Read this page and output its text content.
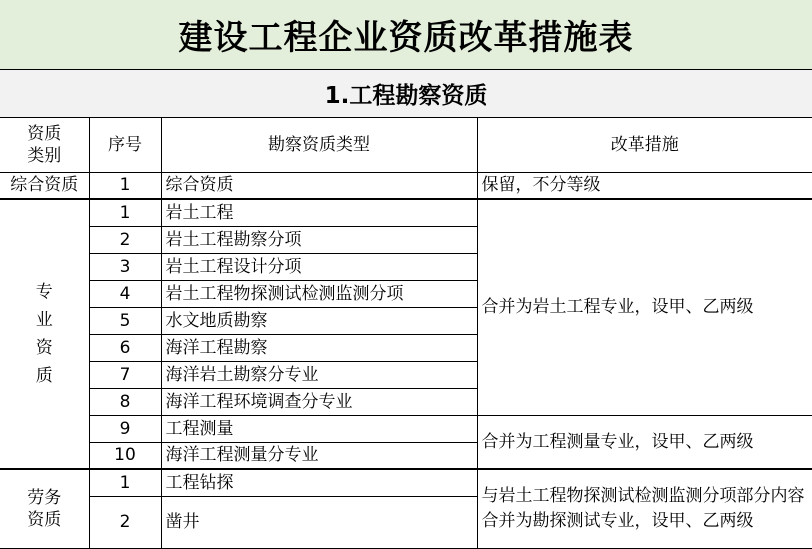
建设工程企业资质改革措施表
1.工程勘察资质
资质
类别	序号	勘察资质类型	改革措施
综合资质	1	综合资质	保留，不分等级
专业资质	1	岩土工程	合并为岩土工程专业，设甲、乙两级
	2	岩土工程勘察分项	
	3	岩土工程设计分项	
	4	岩土工程物探测试检测监测分项	
	5	水文地质勘察	
	6	海洋工程勘察	
	7	海洋岩土勘察分专业	
	8	海洋工程环境调查分专业	
	9	工程测量	合并为工程测量专业，设甲、乙两级
	10	海洋工程测量分专业	

劳务
资质	1	工程钻探	与岩土工程物探测试检测监测分项部分内容合并为勘探测试专业，设甲、乙两级
	2	凿井	
